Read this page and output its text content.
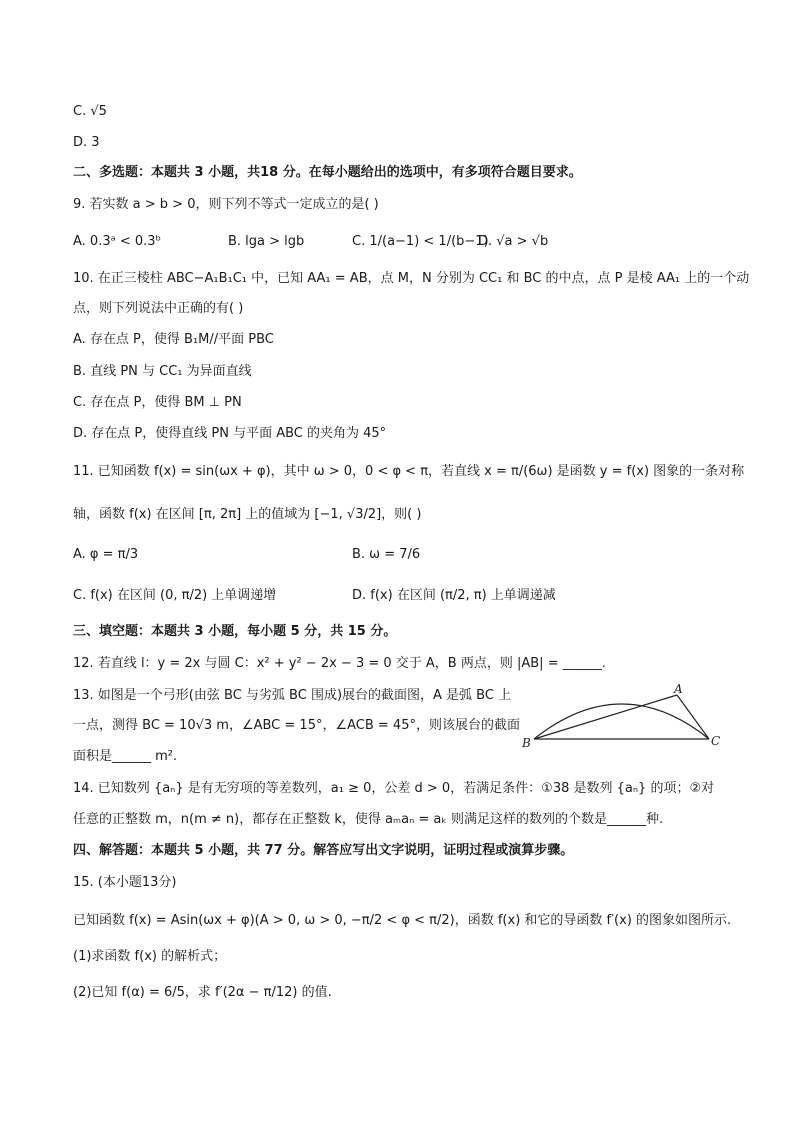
C. √5
D. 3
二、多选题：本题共 3 小题，共18 分。在每小题给出的选项中，有多项符合题目要求。
9. 若实数 a > b > 0，则下列不等式一定成立的是( )
A. 0.3ᵃ < 0.3ᵇ	B. lga > lgb	C. 1/(a−1) < 1/(b−1)
D. √a > √b
10. 在正三棱柱 ABC−A₁B₁C₁ 中，已知 AA₁ = AB，点 M，N 分别为 CC₁ 和 BC 的中点，点 P 是棱 AA₁ 上的一个动
点，则下列说法中正确的有( )
A. 存在点 P，使得 B₁M//平面 PBC
B. 直线 PN 与 CC₁ 为异面直线
C. 存在点 P，使得 BM ⊥ PN
D. 存在点 P，使得直线 PN 与平面 ABC 的夹角为 45°
11. 已知函数 f(x) = sin(ωx + φ)，其中 ω > 0，0 < φ < π，若直线 x = π/(6ω) 是函数 y = f(x) 图象的一条对称
轴，函数 f(x) 在区间 [π, 2π] 上的值域为 [−1, √3/2]，则( )
A. φ = π/3	B. ω = 7/6
C. f(x) 在区间 (0, π/2) 上单调递增	D. f(x) 在区间 (π/2, π) 上单调递减
三、填空题：本题共 3 小题，每小题 5 分，共 15 分。
12. 若直线 l：y = 2x 与圆 C：x² + y² − 2x − 3 = 0 交于 A，B 两点，则 |AB| = ______.
13. 如图是一个弓形(由弦 BC 与劣弧 BC 围成)展台的截面图，A 是弧 BC 上
一点，测得 BC = 10√3 m，∠ABC = 15°，∠ACB = 45°，则该展台的截面
面积是______ m².
A
B	C
14. 已知数列 {aₙ} 是有无穷项的等差数列，a₁ ≥ 0，公差 d > 0，若满足条件：①38 是数列 {aₙ} 的项；②对
任意的正整数 m，n(m ≠ n)，都存在正整数 k，使得 aₘaₙ = aₖ 则满足这样的数列的个数是______种.
四、解答题：本题共 5 小题，共 77 分。解答应写出文字说明，证明过程或演算步骤。
15. (本小题13分)
已知函数 f(x) = Asin(ωx + φ)(A > 0, ω > 0, −π/2 < φ < π/2)，函数 f(x) 和它的导函数 f′(x) 的图象如图所示.
(1)求函数 f(x) 的解析式；
(2)已知 f(α) = 6/5，求 f′(2α − π/12) 的值.
